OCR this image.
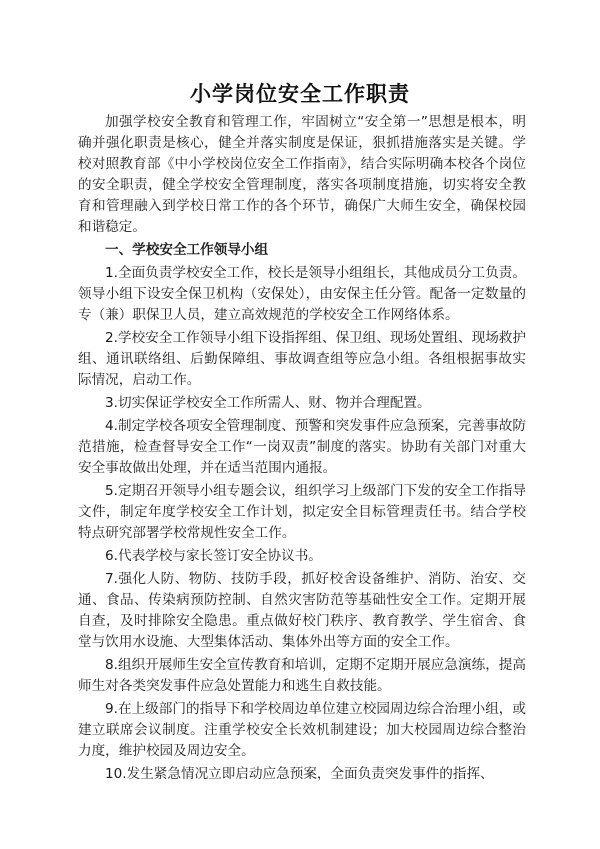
小学岗位安全工作职责

加强学校安全教育和管理工作，牢固树立“安全第一”思想是根本，明确并强化职责是核心，健全并落实制度是保证，狠抓措施落实是关键。学校对照教育部《中小学校岗位安全工作指南》，结合实际明确本校各个岗位的安全职责，健全学校安全管理制度，落实各项制度措施，切实将安全教育和管理融入到学校日常工作的各个环节，确保广大师生安全，确保校园和谐稳定。

一、学校安全工作领导小组

1.全面负责学校安全工作，校长是领导小组组长，其他成员分工负责。领导小组下设安全保卫机构（安保处），由安保主任分管。配备一定数量的专（兼）职保卫人员，建立高效规范的学校安全工作网络体系。

2.学校安全工作领导小组下设指挥组、保卫组、现场处置组、现场救护组、通讯联络组、后勤保障组、事故调查组等应急小组。各组根据事故实际情况，启动工作。

3.切实保证学校安全工作所需人、财、物并合理配置。

4.制定学校各项安全管理制度、预警和突发事件应急预案，完善事故防范措施，检查督导安全工作“一岗双责”制度的落实。协助有关部门对重大安全事故做出处理，并在适当范围内通报。

5.定期召开领导小组专题会议，组织学习上级部门下发的安全工作指导文件，制定年度学校安全工作计划，拟定安全目标管理责任书。结合学校特点研究部署学校常规性安全工作。

6.代表学校与家长签订安全协议书。

7.强化人防、物防、技防手段，抓好校舍设备维护、消防、治安、交通、食品、传染病预防控制、自然灾害防范等基础性安全工作。定期开展自查，及时排除安全隐患。重点做好校门秩序、教育教学、学生宿舍、食堂与饮用水设施、大型集体活动、集体外出等方面的安全工作。

8.组织开展师生安全宣传教育和培训，定期不定期开展应急演练，提高师生对各类突发事件应急处置能力和逃生自救技能。

9.在上级部门的指导下和学校周边单位建立校园周边综合治理小组，或建立联席会议制度。注重学校安全长效机制建设；加大校园周边综合整治力度，维护校园及周边安全。

10.发生紧急情况立即启动应急预案，全面负责突发事件的指挥、
